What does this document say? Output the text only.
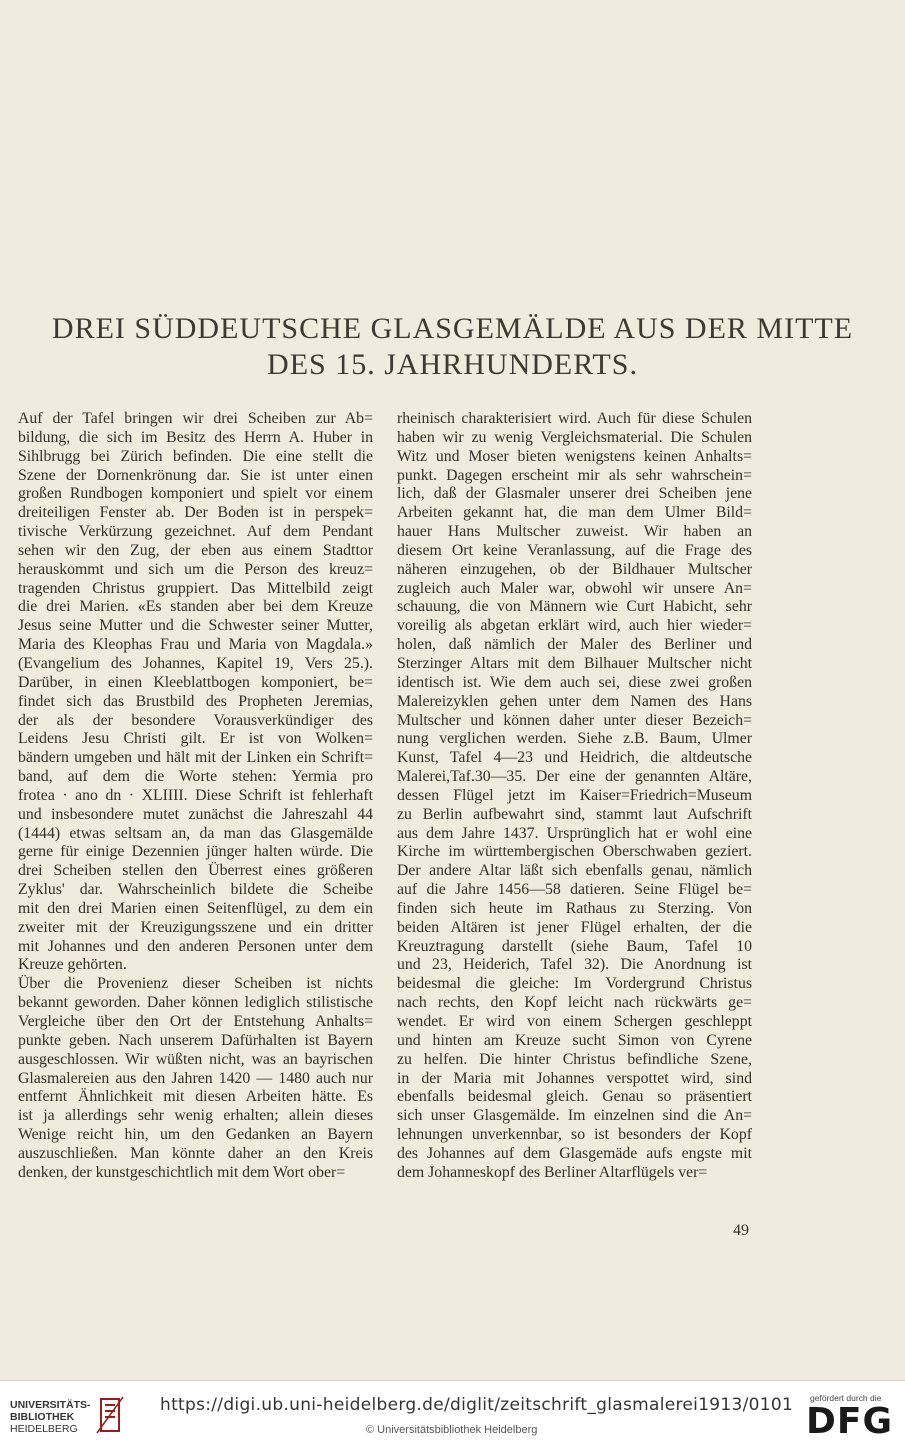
DREI SÜDDEUTSCHE GLASGEMÄLDE AUS DER MITTE
DES 15. JAHRHUNDERTS.

Auf der Tafel bringen wir drei Scheiben zur Ab=

bildung, die sich im Besitz des Herrn A. Huber in

Sihlbrugg bei Zürich befinden. Die eine stellt die

Szene der Dornenkrönung dar. Sie ist unter einen

großen Rundbogen komponiert und spielt vor einem

dreiteiligen Fenster ab. Der Boden ist in perspek=

tivische Verkürzung gezeichnet. Auf dem Pendant

sehen wir den Zug, der eben aus einem Stadttor

herauskommt und sich um die Person des kreuz=

tragenden Christus gruppiert. Das Mittelbild zeigt

die drei Marien. «Es standen aber bei dem Kreuze

Jesus seine Mutter und die Schwester seiner Mutter,

Maria des Kleophas Frau und Maria von Magdala.»

(Evangelium des Johannes, Kapitel 19, Vers 25.).

Darüber, in einen Kleeblattbogen komponiert, be=

findet sich das Brustbild des Propheten Jeremias,

der als der besondere Vorausverkündiger des

Leidens Jesu Christi gilt. Er ist von Wolken=

bändern umgeben und hält mit der Linken ein Schrift=

band, auf dem die Worte stehen: Yermia pro

frotea · ano dn · XLIIII. Diese Schrift ist fehlerhaft

und insbesondere mutet zunächst die Jahreszahl 44

(1444) etwas seltsam an, da man das Glasgemälde

gerne für einige Dezennien jünger halten würde. Die

drei Scheiben stellen den Überrest eines größeren

Zyklus' dar. Wahrscheinlich bildete die Scheibe

mit den drei Marien einen Seitenflügel, zu dem ein

zweiter mit der Kreuzigungsszene und ein dritter

mit Johannes und den anderen Personen unter dem

Kreuze gehörten.

Über die Provenienz dieser Scheiben ist nichts

bekannt geworden. Daher können lediglich stilistische

Vergleiche über den Ort der Entstehung Anhalts=

punkte geben. Nach unserem Dafürhalten ist Bayern

ausgeschlossen. Wir wüßten nicht, was an bayrischen

Glasmalereien aus den Jahren 1420 — 1480 auch nur

entfernt Ähnlichkeit mit diesen Arbeiten hätte. Es

ist ja allerdings sehr wenig erhalten; allein dieses

Wenige reicht hin, um den Gedanken an Bayern

auszuschließen. Man könnte daher an den Kreis

denken, der kunstgeschichtlich mit dem Wort ober=

rheinisch charakterisiert wird. Auch für diese Schulen

haben wir zu wenig Vergleichsmaterial. Die Schulen

Witz und Moser bieten wenigstens keinen Anhalts=

punkt. Dagegen erscheint mir als sehr wahrschein=

lich, daß der Glasmaler unserer drei Scheiben jene

Arbeiten gekannt hat, die man dem Ulmer Bild=

hauer Hans Multscher zuweist. Wir haben an

diesem Ort keine Veranlassung, auf die Frage des

näheren einzugehen, ob der Bildhauer Multscher

zugleich auch Maler war, obwohl wir unsere An=

schauung, die von Männern wie Curt Habicht, sehr

voreilig als abgetan erklärt wird, auch hier wieder=

holen, daß nämlich der Maler des Berliner und

Sterzinger Altars mit dem Bilhauer Multscher nicht

identisch ist. Wie dem auch sei, diese zwei großen

Malereizyklen gehen unter dem Namen des Hans

Multscher und können daher unter dieser Bezeich=

nung verglichen werden. Siehe z.B. Baum, Ulmer

Kunst, Tafel 4—23 und Heidrich, die altdeutsche

Malerei,Taf.30—35. Der eine der genannten Altäre,

dessen Flügel jetzt im Kaiser=Friedrich=Museum

zu Berlin aufbewahrt sind, stammt laut Aufschrift

aus dem Jahre 1437. Ursprünglich hat er wohl eine

Kirche im württembergischen Oberschwaben geziert.

Der andere Altar läßt sich ebenfalls genau, nämlich

auf die Jahre 1456—58 datieren. Seine Flügel be=

finden sich heute im Rathaus zu Sterzing. Von

beiden Altären ist jener Flügel erhalten, der die

Kreuztragung darstellt (siehe Baum, Tafel 10

und 23, Heiderich, Tafel 32). Die Anordnung ist

beidesmal die gleiche: Im Vordergrund Christus

nach rechts, den Kopf leicht nach rückwärts ge=

wendet. Er wird von einem Schergen geschleppt

und hinten am Kreuze sucht Simon von Cyrene

zu helfen. Die hinter Christus befindliche Szene,

in der Maria mit Johannes verspottet wird, sind

ebenfalls beidesmal gleich. Genau so präsentiert

sich unser Glasgemälde. Im einzelnen sind die An=

lehnungen unverkennbar, so ist besonders der Kopf

des Johannes auf dem Glasgemäde aufs engste mit

dem Johanneskopf des Berliner Altarflügels ver=

49
UNIVERSITÄTS-
BIBLIOTHEK
HEIDELBERG
https://digi.ub.uni-heidelberg.de/diglit/zeitschrift_glasmalerei1913/0101
© Universitätsbibliothek Heidelberg
gefördert durch die
DFG
